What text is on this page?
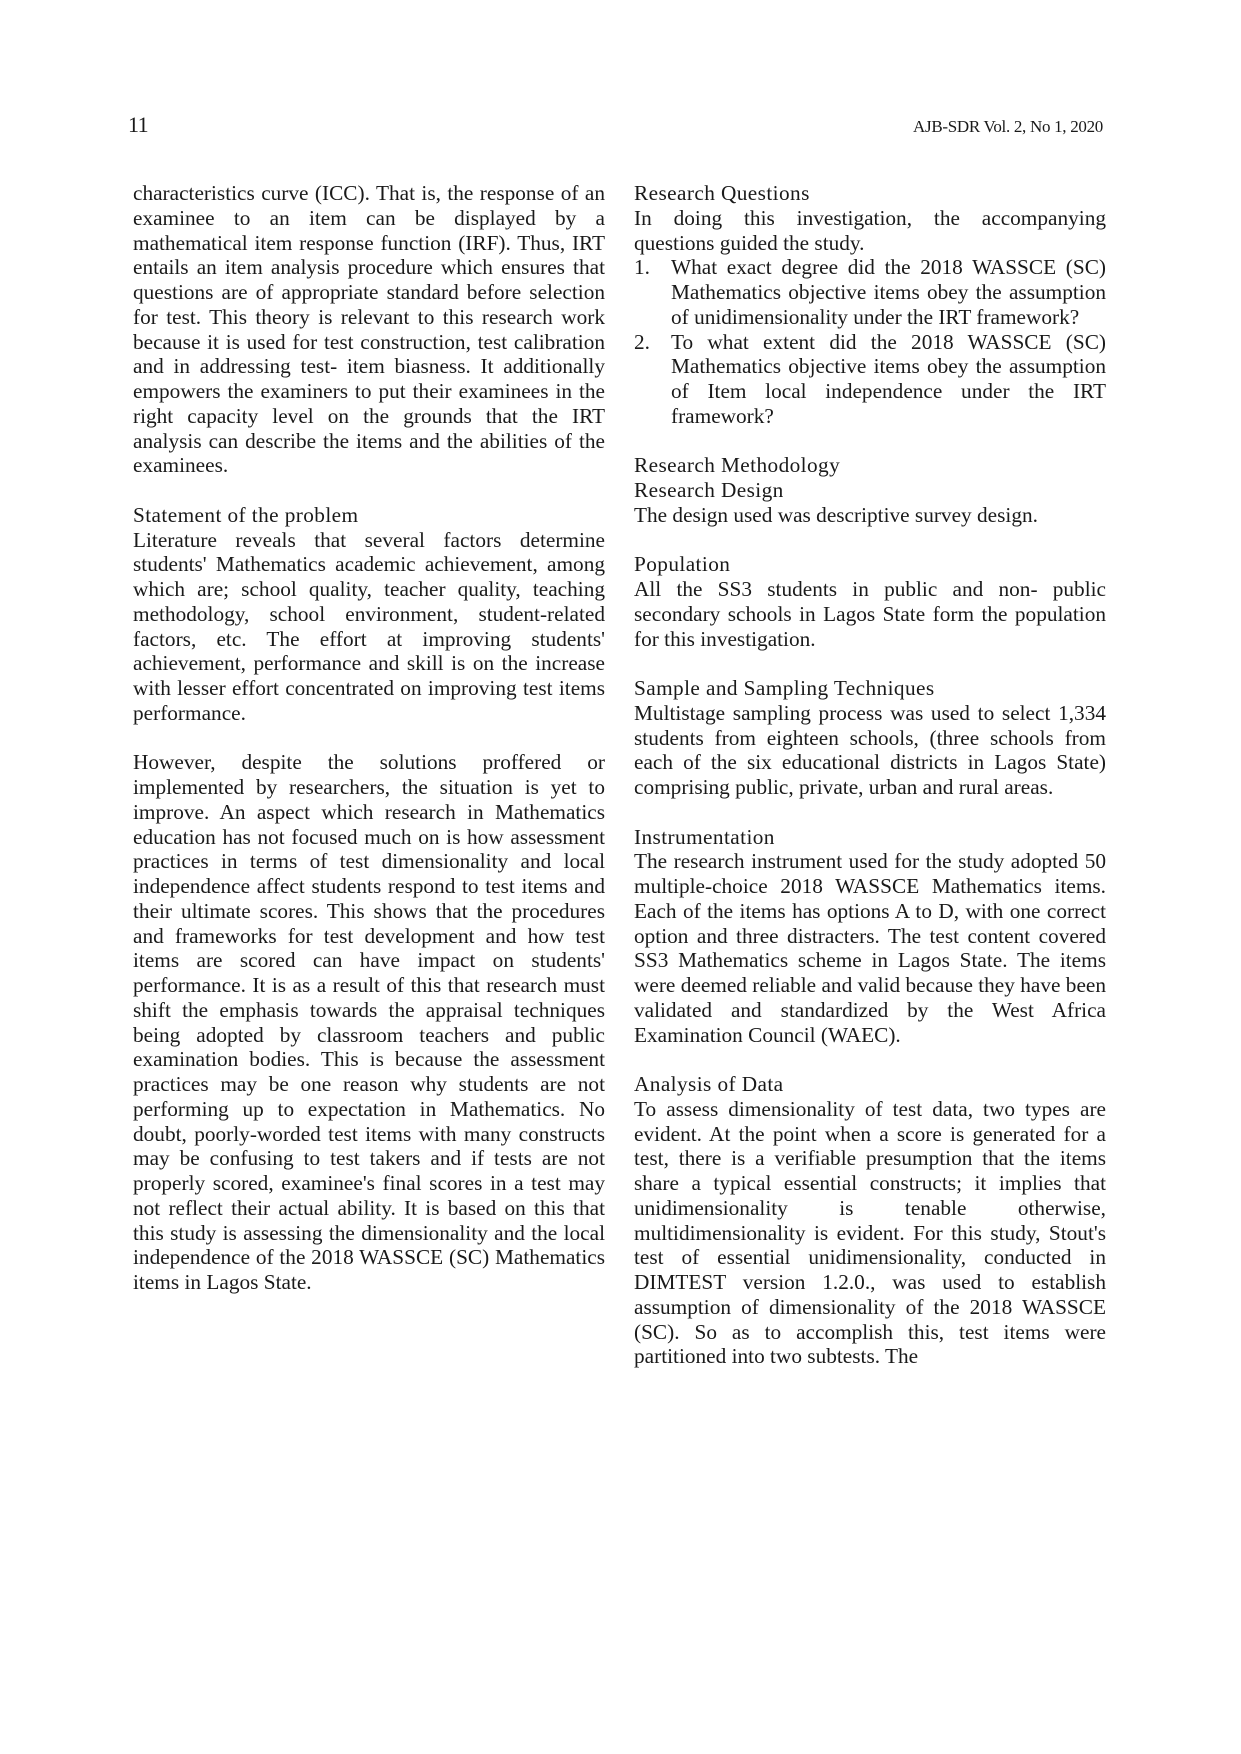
11	AJB-SDR Vol. 2, No 1, 2020

characteristics curve (ICC). That is, the response of an examinee to an item can be displayed by a mathematical item response function (IRF). Thus, IRT entails an item analysis procedure which ensures that questions are of appropriate standard before selection for test. This theory is relevant to this research work because it is used for test construction, test calibration and in addressing test- item biasness. It additionally empowers the examiners to put their examinees in the right capacity level on the grounds that the IRT analysis can describe the items and the abilities of the examinees.

Statement of the problem

Literature reveals that several factors determine students' Mathematics academic achievement, among which are; school quality, teacher quality, teaching methodology, school environment, student-related factors, etc. The effort at improving students' achievement, performance and skill is on the increase with lesser effort concentrated on improving test items performance.

However, despite the solutions proffered or implemented by researchers, the situation is yet to improve. An aspect which research in Mathematics education has not focused much on is how assessment practices in terms of test dimensionality and local independence affect students respond to test items and their ultimate scores. This shows that the procedures and frameworks for test development and how test items are scored can have impact on students' performance. It is as a result of this that research must shift the emphasis towards the appraisal techniques being adopted by classroom teachers and public examination bodies. This is because the assessment practices may be one reason why students are not performing up to expectation in Mathematics. No doubt, poorly-worded test items with many constructs may be confusing to test takers and if tests are not properly scored, examinee's final scores in a test may not reflect their actual ability. It is based on this that this study is assessing the dimensionality and the local independence of the 2018 WASSCE (SC) Mathematics items in Lagos State.

Research Questions

In doing this investigation, the accompanying questions guided the study.

1. What exact degree did the 2018 WASSCE (SC) Mathematics objective items obey the assumption of unidimensionality under the IRT framework?
2. To what extent did the 2018 WASSCE (SC) Mathematics objective items obey the assumption of Item local independence under the IRT framework?

Research Methodology

Research Design

The design used was descriptive survey design.

Population

All the SS3 students in public and non- public secondary schools in Lagos State form the population for this investigation.

Sample and Sampling Techniques

Multistage sampling process was used to select 1,334 students from eighteen schools, (three schools from each of the six educational districts in Lagos State) comprising public, private, urban and rural areas.

Instrumentation

The research instrument used for the study adopted 50 multiple-choice 2018 WASSCE Mathematics items. Each of the items has options A to D, with one correct option and three distracters. The test content covered SS3 Mathematics scheme in Lagos State. The items were deemed reliable and valid because they have been validated and standardized by the West Africa Examination Council (WAEC).

Analysis of Data

To assess dimensionality of test data, two types are evident. At the point when a score is generated for a test, there is a verifiable presumption that the items share a typical essential constructs; it implies that unidimensionality is tenable otherwise, multidimensionality is evident. For this study, Stout's test of essential unidimensionality, conducted in DIMTEST version 1.2.0., was used to establish assumption of dimensionality of the 2018 WASSCE (SC). So as to accomplish this, test items were partitioned into two subtests. The
